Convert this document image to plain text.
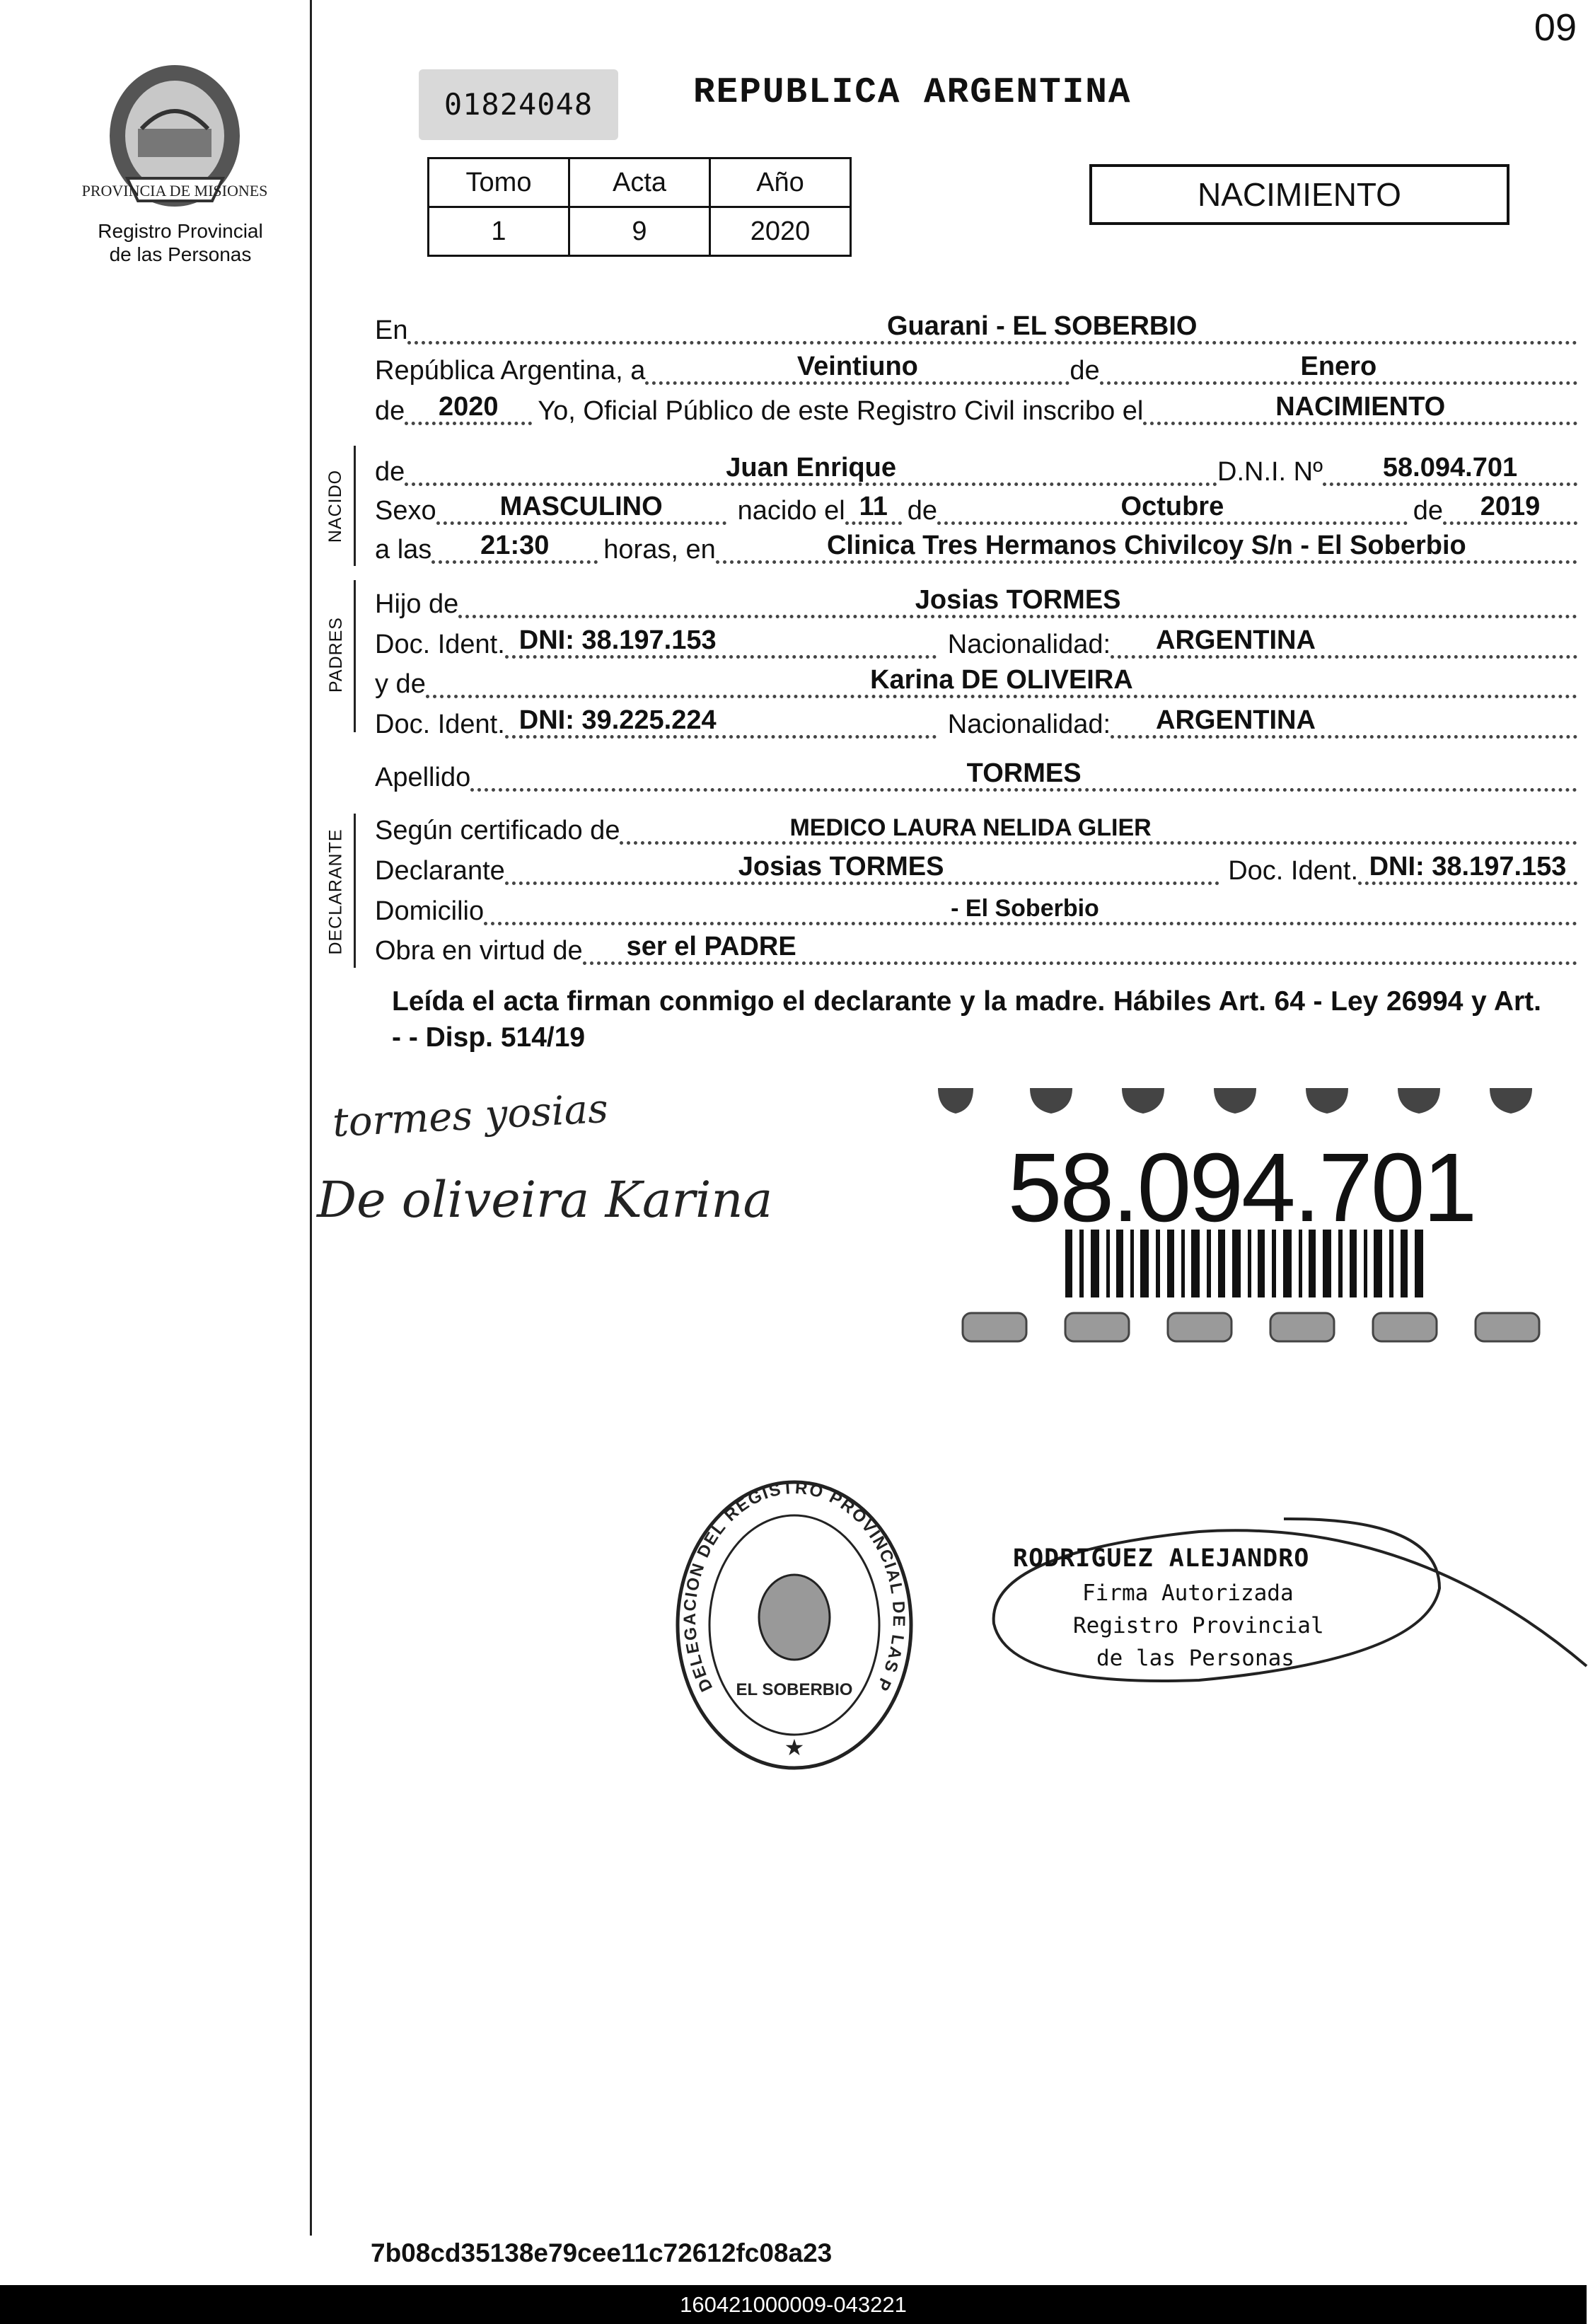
09
PROVINCIA DE MISIONES
Registro Provincial
de las Personas
01824048	REPUBLICA ARGENTINA
Tomo	Acta	Año
1	9	2020
NACIMIENTO
En	Guarani - EL SOBERBIO
República Argentina, a	Veintiuno	de	Enero
de	2020	Yo, Oficial Público de este Registro Civil inscribo el	NACIMIENTO
NACIDO de	Juan Enrique	D.N.I. Nº	58.094.701
Sexo	MASCULINO	nacido el 11 de	Octubre	de	2019
a las	21:30	horas, en	Clinica Tres Hermanos Chivilcoy S/n - El Soberbio
PADRES
Hijo de	Josias TORMES
Doc. Ident. DNI: 38.197.153	Nacionalidad:	ARGENTINA
y de	Karina DE OLIVEIRA
Doc. Ident. DNI: 39.225.224	Nacionalidad:	ARGENTINA
Apellido	TORMES
DECLARANTE Según certificado de	MEDICO LAURA NELIDA GLIER
Declarante	Josias TORMES	Doc. Ident. DNI: 38.197.153
Domicilio	- El Soberbio
Obra en virtud de	ser el PADRE
Leída el acta firman conmigo el declarante y la madre. Hábiles Art. 64 - Ley 26994 y Art. - - Disp. 514/19
tormes yosias
De oliveira Karina	58.094.701
DELEGACION DEL REGISTRO PROVINCIAL DE LAS P
EL SOBERBIO
★
RODRIGUEZ ALEJANDRO
Firma Autorizada
Registro Provincial
de las Personas
7b08cd35138e79cee11c72612fc08a23
160421000009-043221
